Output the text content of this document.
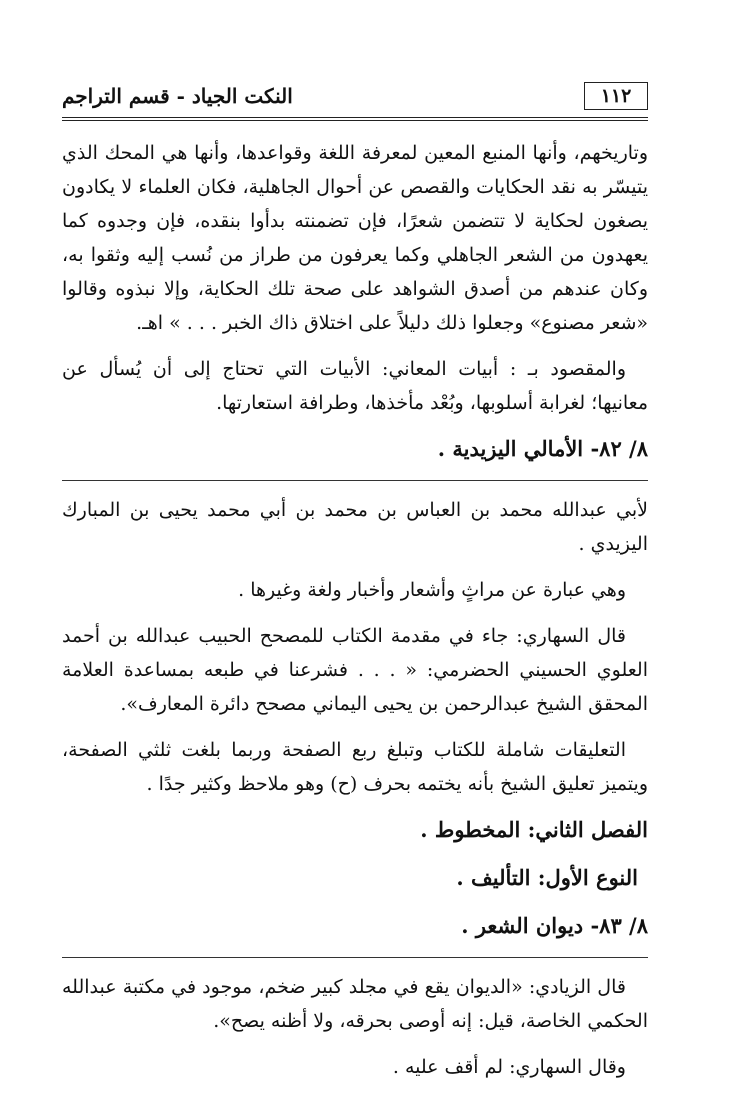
١١٢
النكت الجياد - قسم التراجم

وتاريخهم، وأنها المنبع المعين لمعرفة اللغة وقواعدها، وأنها هي المحك الذي يتيسّر به نقد الحكايات والقصص عن أحوال الجاهلية، فكان العلماء لا يكادون يصغون لحكاية لا تتضمن شعرًا، فإن تضمنته بدأوا بنقده، فإن وجدوه كما يعهدون من الشعر الجاهلي وكما يعرفون من طراز من نُسب إليه وثقوا به، وكان عندهم من أصدق الشواهد على صحة تلك الحكاية، وإلا نبذوه وقالوا «شعر مصنوع» وجعلوا ذلك دليلاً على اختلاق ذاك الخبر . . . » اهـ.

والمقصود بـ : أبيات المعاني: الأبيات التي تحتاج إلى أن يُسأل عن معانيها؛ لغرابة أسلوبها، وبُعْد مأخذها، وطرافة استعارتها.

٨/ ٨٢- الأمالي اليزيدية .

لأبي عبدالله محمد بن العباس بن محمد بن أبي محمد يحيى بن المبارك اليزيدي .

وهي عبارة عن مراثٍ وأشعار وأخبار ولغة وغيرها .

قال السهاري: جاء في مقدمة الكتاب للمصحح الحبيب عبدالله بن أحمد العلوي الحسيني الحضرمي: « . . . فشرعنا في طبعه بمساعدة العلامة المحقق الشيخ عبدالرحمن بن يحيى اليماني مصحح دائرة المعارف».

التعليقات شاملة للكتاب وتبلغ ربع الصفحة وربما بلغت ثلثي الصفحة، ويتميز تعليق الشيخ بأنه يختمه بحرف (ح) وهو ملاحظ وكثير جدًا .

الفصل الثاني: المخطوط .
النوع الأول: التأليف .
٨/ ٨٣- ديوان الشعر .

قال الزيادي: «الديوان يقع في مجلد كبير ضخم، موجود في مكتبة عبدالله الحكمي الخاصة، قيل: إنه أوصى بحرقه، ولا أظنه يصح».

وقال السهاري: لم أقف عليه .
